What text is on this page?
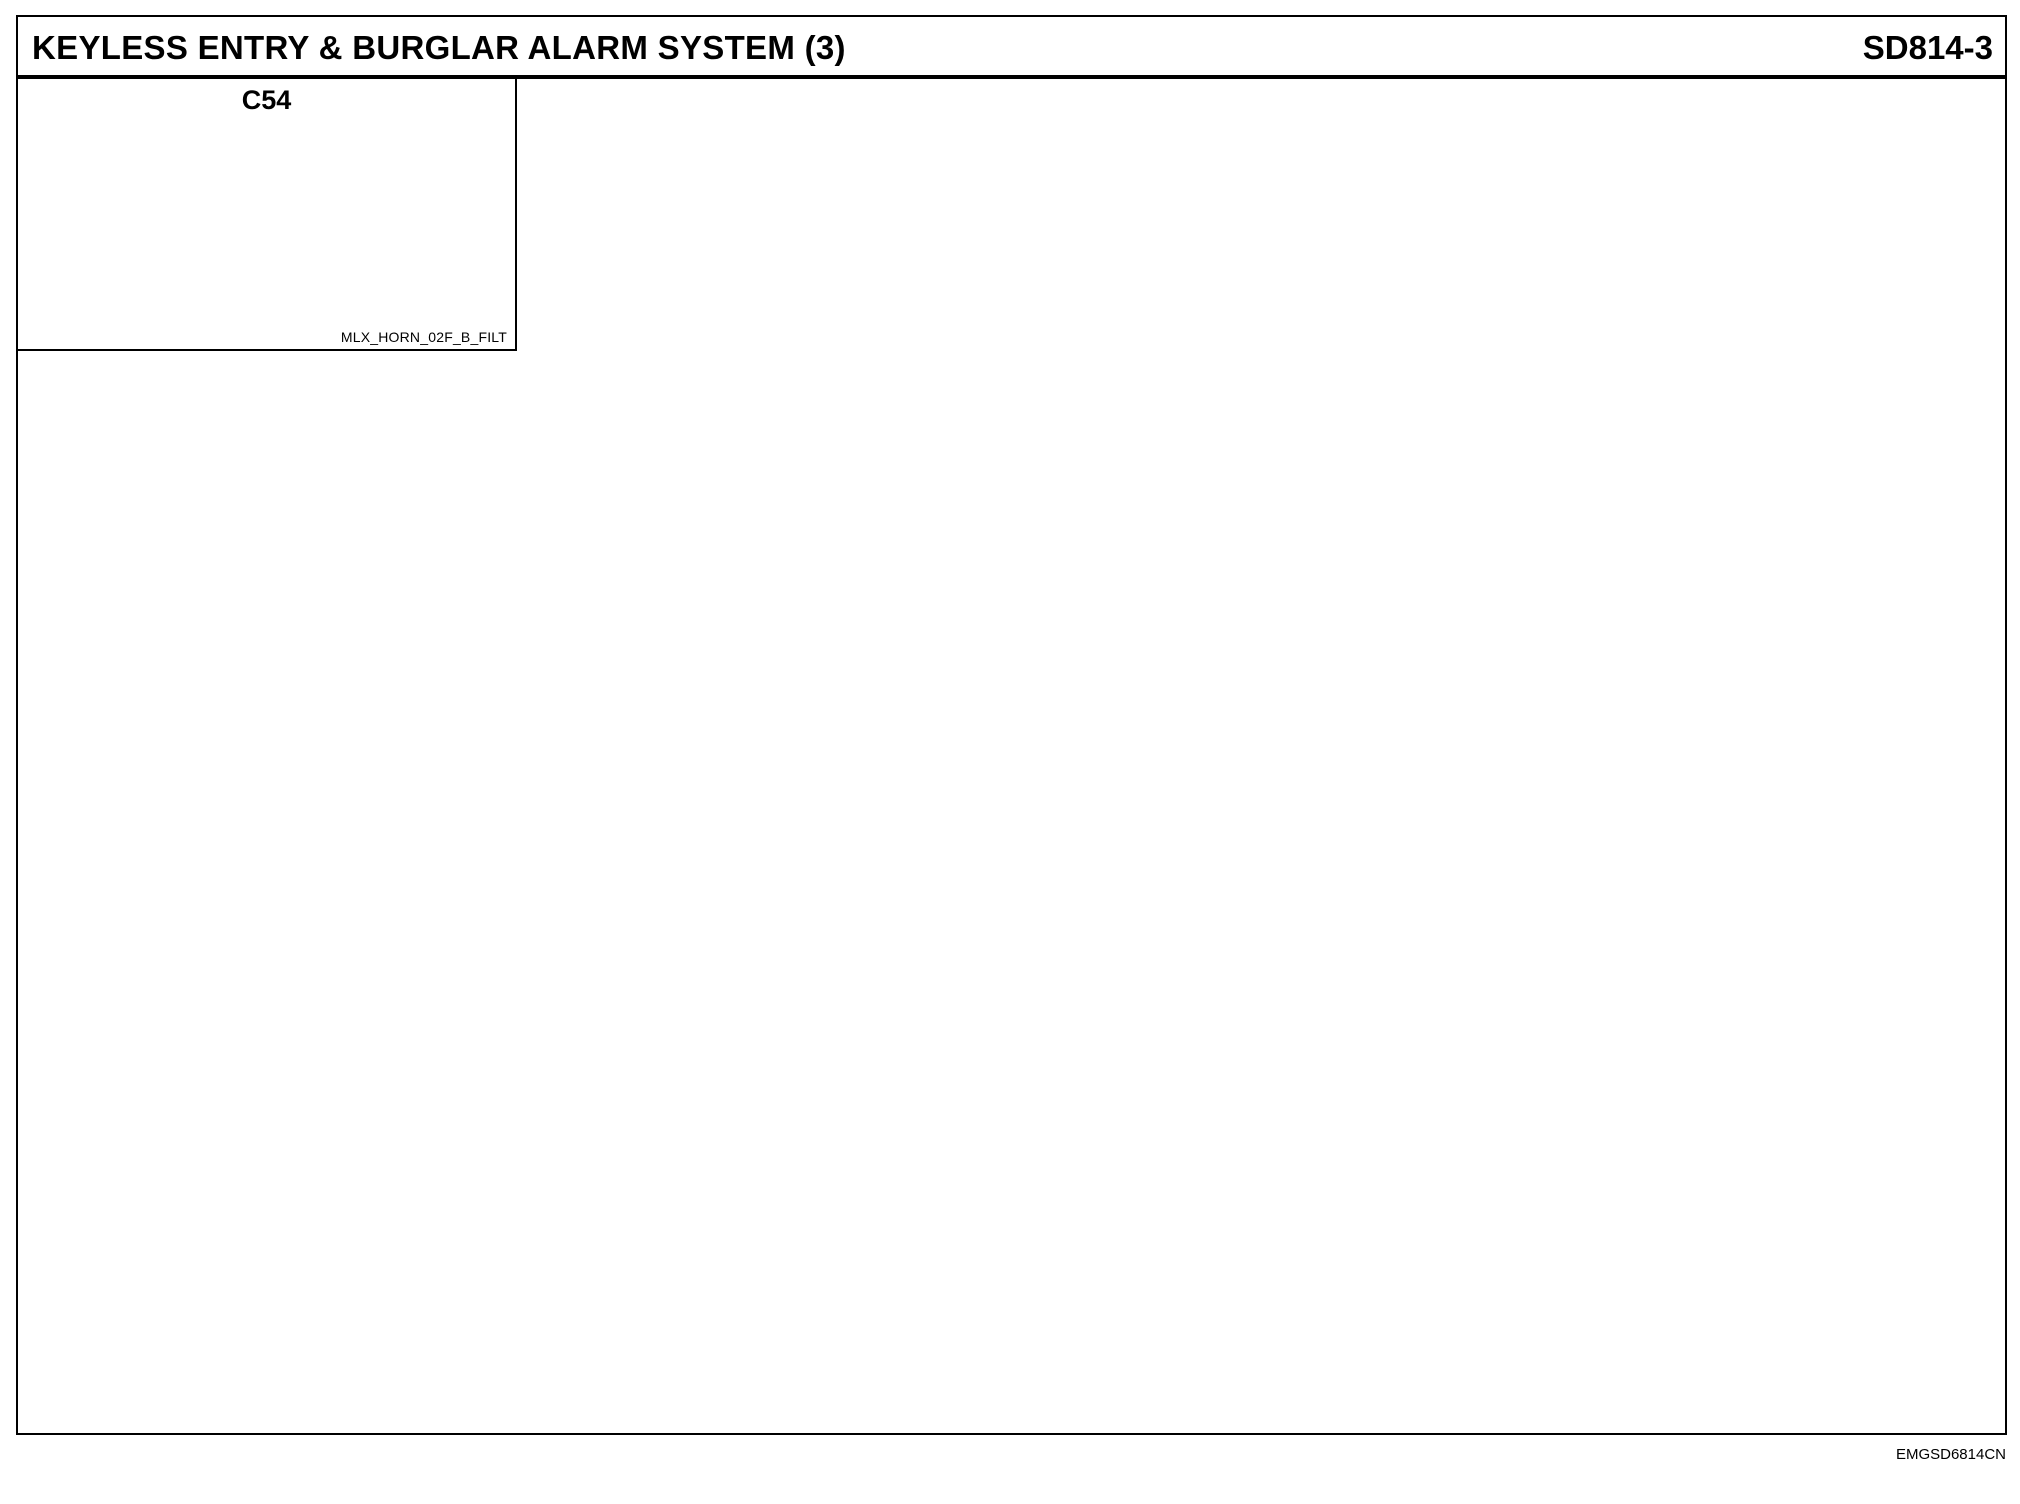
KEYLESS ENTRY & BURGLAR ALARM SYSTEM (3)	SD814-3
C54
MLX_HORN_02F_B_FILT
EMGSD6814CN
